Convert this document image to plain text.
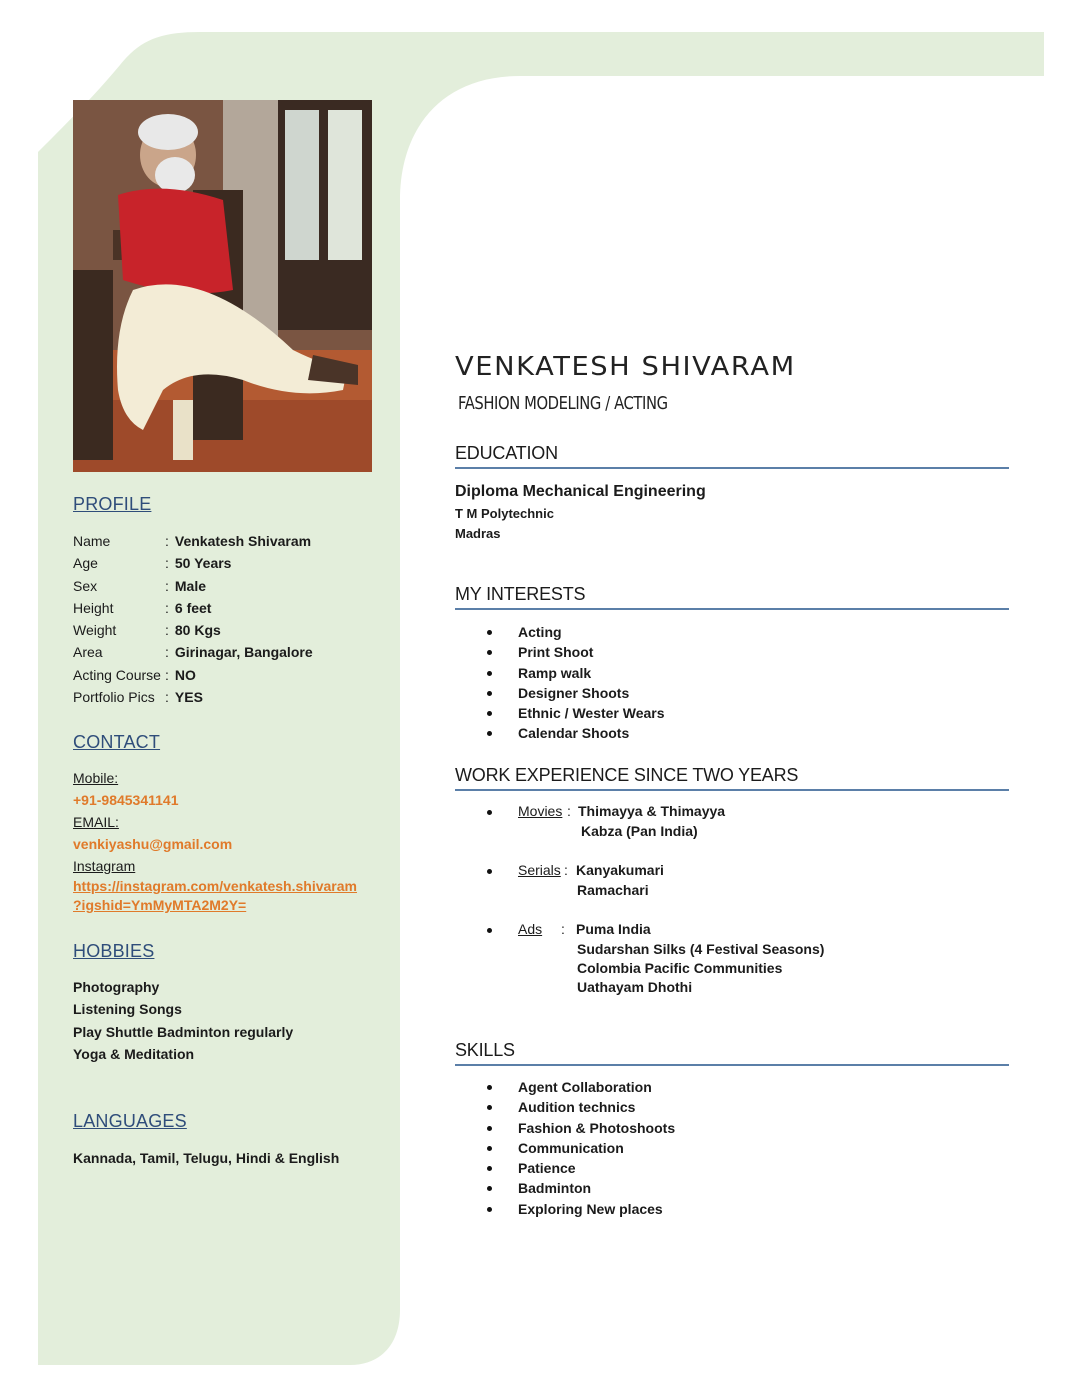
PROFILE
Name	: Venkatesh Shivaram
Age	: 50 Years
Sex	: Male
Height	: 6 feet
Weight	: 80 Kgs
Area	: Girinagar, Bangalore
Acting Course : NO
Portfolio Pics : YES
CONTACT
Mobile:
+91-9845341141
EMAIL:
venkiyashu@gmail.com
Instagram
https://instagram.com/venkatesh.shivaram
?igshid=YmMyMTA2M2Y=
HOBBIES
Photography
Listening Songs
Play Shuttle Badminton regularly
Yoga & Meditation
LANGUAGES
Kannada, Tamil, Telugu, Hindi & English
VENKATESH SHIVARAM
FASHION MODELING / ACTING
EDUCATION
Diploma Mechanical Engineering
T M Polytechnic
Madras
MY INTERESTS
Acting
Print Shoot
Ramp walk
Designer Shoots
Ethnic / Wester Wears
Calendar Shoots
WORK EXPERIENCE SINCE TWO YEARS
Movies : Thimayya & Thimayya
Kabza (Pan India)
Serials : Kanyakumari
Ramachari
Ads	: Puma India
Sudarshan Silks (4 Festival Seasons)
Colombia Pacific Communities
Uathayam Dhothi
SKILLS
Agent Collaboration
Audition technics
Fashion & Photoshoots
Communication
Patience
Badminton
Exploring New places
